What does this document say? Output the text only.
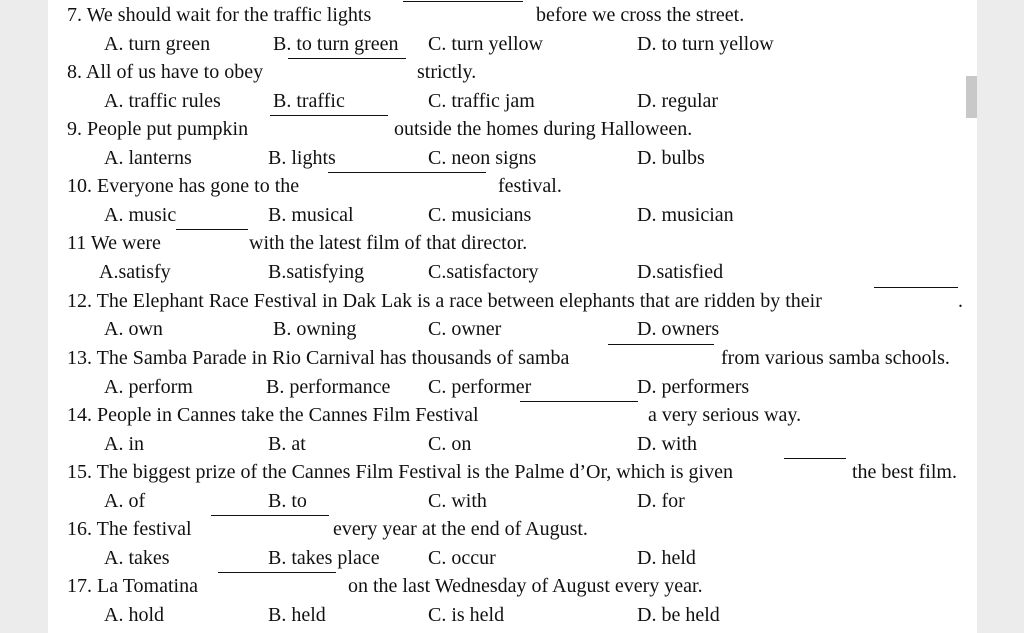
7. We should wait for the traffic lights	before we cross the street.
A. turn green	B. to turn green C. turn yellow	D. to turn yellow
8. All of us have to obey	strictly.
A. traffic rules	B. traffic	C. traffic jam	D. regular
9. People put pumpkin	outside the homes during Halloween.
A. lanterns	B. lights	C. neon signs	D. bulbs
10. Everyone has gone to the	festival.
A. music	B. musical	C. musicians	D. musician
11 We were	with the latest film of that director.
A.satisfy	B.satisfying	C.satisfactory	D.satisfied
12. The Elephant Race Festival in Dak Lak is a race between elephants that are ridden by their	.
A. own	B. owning	C. owner	D. owners
13. The Samba Parade in Rio Carnival has thousands of samba	from various samba schools.
A. perform	B. performance C. performer	D. performers
14. People in Cannes take the Cannes Film Festival	a very serious way.
A. in	B. at	C. on	D. with
15. The biggest prize of the Cannes Film Festival is the Palme d’Or, which is given	the best film.
A. of	B. to	C. with	D. for
16. The festival	every year at the end of August.
A. takes	B. takes place C. occur	D. held
17. La Tomatina	on the last Wednesday of August every year.
A. hold	B. held	C. is held	D. be held
